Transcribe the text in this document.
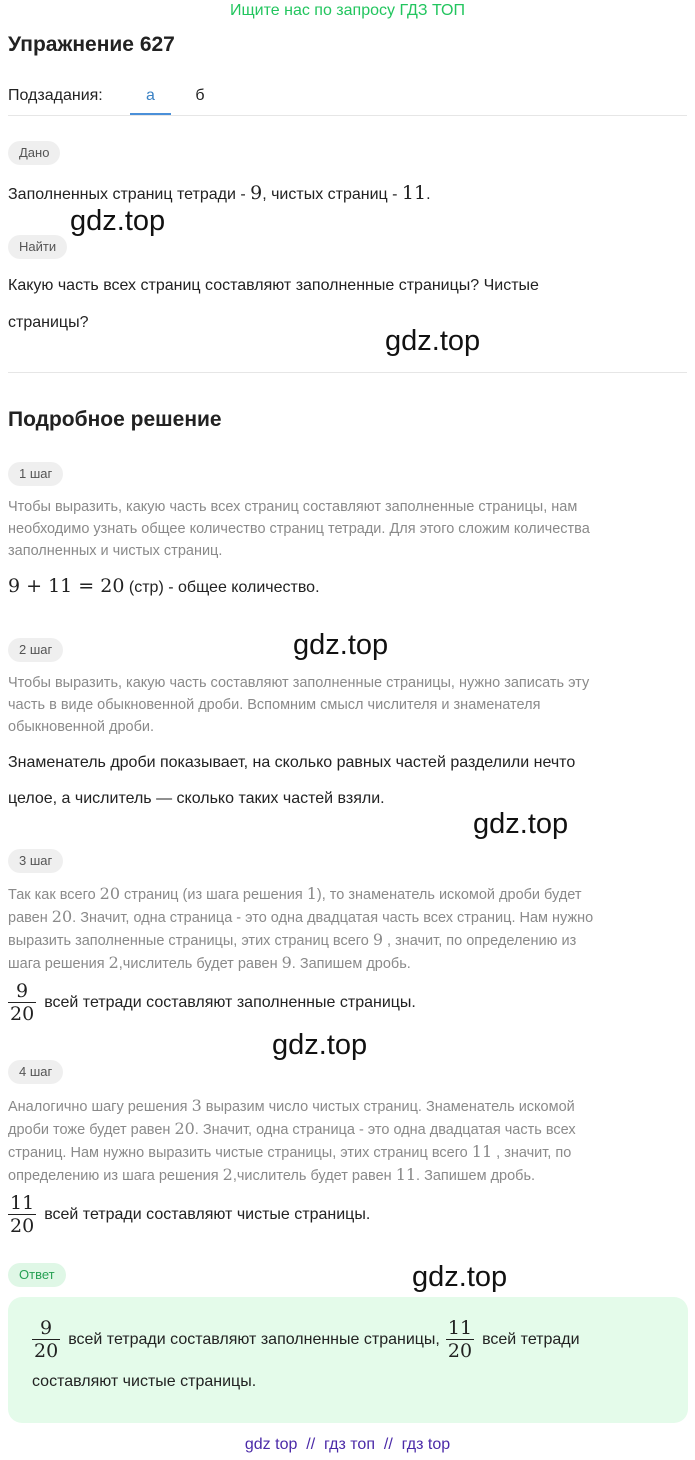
Ищите нас по запросу ГДЗ ТОП
Упражнение 627
Подзадания:	а	б
Дано
Заполненных страниц тетради - 9, чистых страниц - 11.
gdz.top
Найти
Какую часть всех страниц составляют заполненные страницы? Чистые
страницы?
gdz.top
Подробное решение
1 шаг
Чтобы выразить, какую часть всех страниц составляют заполненные страницы, нам
необходимо узнать общее количество страниц тетради. Для этого сложим количества
заполненных и чистых страниц.
9 + 11 = 20 (стр) - общее количество.
2 шаг	gdz.top
Чтобы выразить, какую часть составляют заполненные страницы, нужно записать эту
часть в виде обыкновенной дроби. Вспомним смысл числителя и знаменателя
обыкновенной дроби.
Знаменатель дроби показывает, на сколько равных частей разделили нечто
целое, а числитель — сколько таких частей взяли.
gdz.top
3 шаг
Так как всего 20 страниц (из шага решения 1), то знаменатель искомой дроби будет
равен 20. Значит, одна страница - это одна двадцатая часть всех страниц. Нам нужно
выразить заполненные страницы, этих страниц всего 9 , значит, по определению из
шага решения 2,числитель будет равен 9. Запишем дробь.
$\frac{9}{20}$ всей тетради составляют заполненные страницы.
gdz.top
4 шаг
Аналогично шагу решения 3 выразим число чистых страниц. Знаменатель искомой
дроби тоже будет равен 20. Значит, одна страница - это одна двадцатая часть всех
страниц. Нам нужно выразить чистые страницы, этих страниц всего 11 , значит, по
определению из шага решения 2,числитель будет равен 11. Запишем дробь.
$\frac{11}{20}$ всей тетради составляют чистые страницы.
Ответ	gdz.top
$\frac{9}{20}$ всей тетради составляют заполненные страницы, $\frac{11}{20}$ всей тетради
составляют чистые страницы.
gdz top  //  гдз топ  //  гдз top
